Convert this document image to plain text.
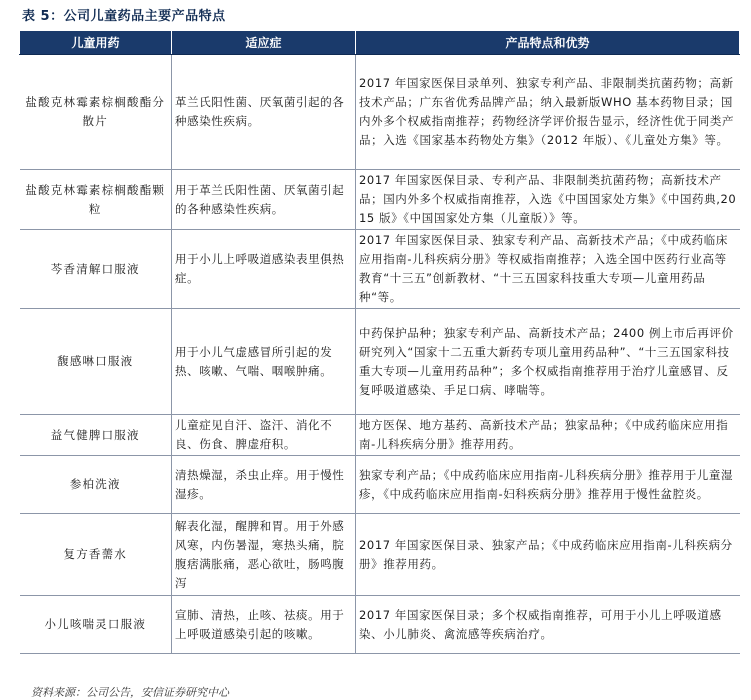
表 5：公司儿童药品主要产品特点
儿童用药	适应症	产品特点和优势
盐酸克林霉素棕榈酸酯分散片	革兰氏阳性菌、厌氧菌引起的各种感染性疾病。	2017 年国家医保目录单列、独家专利产品、非限制类抗菌药物；高新技术产品；广东省优秀品牌产品；纳入最新版WHO 基本药物目录；国内外多个权威指南推荐；药物经济学评价报告显示，经济性优于同类产品；入选《国家基本药物处方集》（2012 年版）、《儿童处方集》等。
盐酸克林霉素棕榈酸酯颗粒	用于革兰氏阳性菌、厌氧菌引起的各种感染性疾病。	2017 年国家医保目录、专利产品、非限制类抗菌药物；高新技术产品；国内外多个权威指南推荐，入选《中国国家处方集》《中国药典,2015 版》《中国国家处方集（儿童版）》等。
芩香清解口服液	用于小儿上呼吸道感染表里俱热症。	2017 年国家医保目录、独家专利产品、高新技术产品；《中成药临床应用指南-儿科疾病分册》等权威指南推荐；入选全国中医药行业高等教育“十三五”创新教材、“十三五国家科技重大专项—儿童用药品种“等。
馥感啉口服液	用于小儿气虚感冒所引起的发热、咳嗽、气喘、咽喉肿痛。	中药保护品种；独家专利产品、高新技术产品；2400 例上市后再评价研究列入“国家十二五重大新药专项儿童用药品种”、“十三五国家科技重大专项—儿童用药品种”；多个权威指南推荐用于治疗儿童感冒、反复呼吸道感染、手足口病、哮喘等。
益气健脾口服液	儿童症见自汗、盗汗、消化不良、伤食、脾虚疳积。	地方医保、地方基药、高新技术产品；独家品种；《中成药临床应用指南-儿科疾病分册》推荐用药。
参柏洗液	清热燥湿，杀虫止痒。用于慢性湿疹。	独家专利产品；《中成药临床应用指南-儿科疾病分册》推荐用于儿童湿疹，《中成药临床应用指南-妇科疾病分册》推荐用于慢性盆腔炎。
复方香薷水	解表化湿，醒脾和胃。用于外感风寒，内伤暑湿，寒热头痛，脘腹痞满胀痛，恶心欲吐，肠鸣腹泻	2017 年国家医保目录、独家产品；《中成药临床应用指南-儿科疾病分册》推荐用药。
小儿咳喘灵口服液	宣肺、清热，止咳、祛痰。用于上呼吸道感染引起的咳嗽。	2017 年国家医保目录；多个权威指南推荐，可用于小儿上呼吸道感染、小儿肺炎、禽流感等疾病治疗。
资料来源：公司公告，安信证券研究中心
